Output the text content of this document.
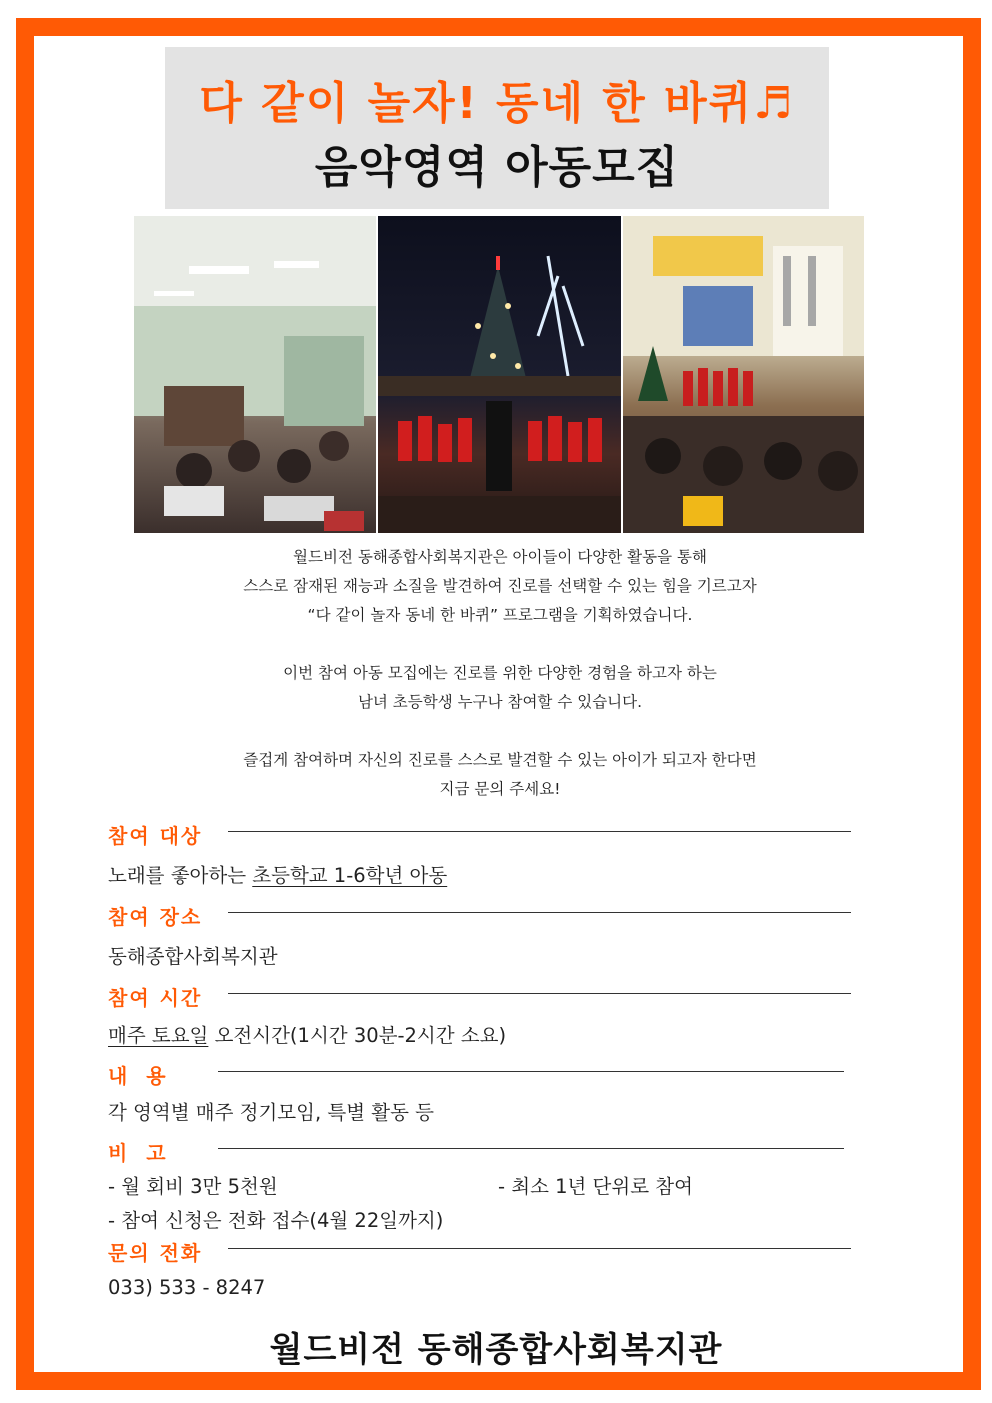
다 같이 놀자! 동네 한 바퀴♬
음악영역 아동모집

월드비전 동해종합사회복지관은 아이들이 다양한 활동을 통해

스스로 잠재된 재능과 소질을 발견하여 진로를 선택할 수 있는 힘을 기르고자

“다 같이 놀자 동네 한 바퀴” 프로그램을 기획하였습니다.

이번 참여 아동 모집에는 진로를 위한 다양한 경험을 하고자 하는

남녀 초등학생 누구나 참여할 수 있습니다.

즐겁게 참여하며 자신의 진로를 스스로 발견할 수 있는 아이가 되고자 한다면

지금 문의 주세요!

참여 대상
노래를 좋아하는 초등학교 1-6학년 아동
참여 장소
동해종합사회복지관
참여 시간
매주 토요일 오전시간(1시간 30분-2시간 소요)
내 용
각 영역별 매주 정기모임, 특별 활동 등
비 고
- 월 회비 3만 5천원	- 최소 1년 단위로 참여
- 참여 신청은 전화 접수(4월 22일까지)
문의 전화
033) 533 - 8247
월드비전 동해종합사회복지관
